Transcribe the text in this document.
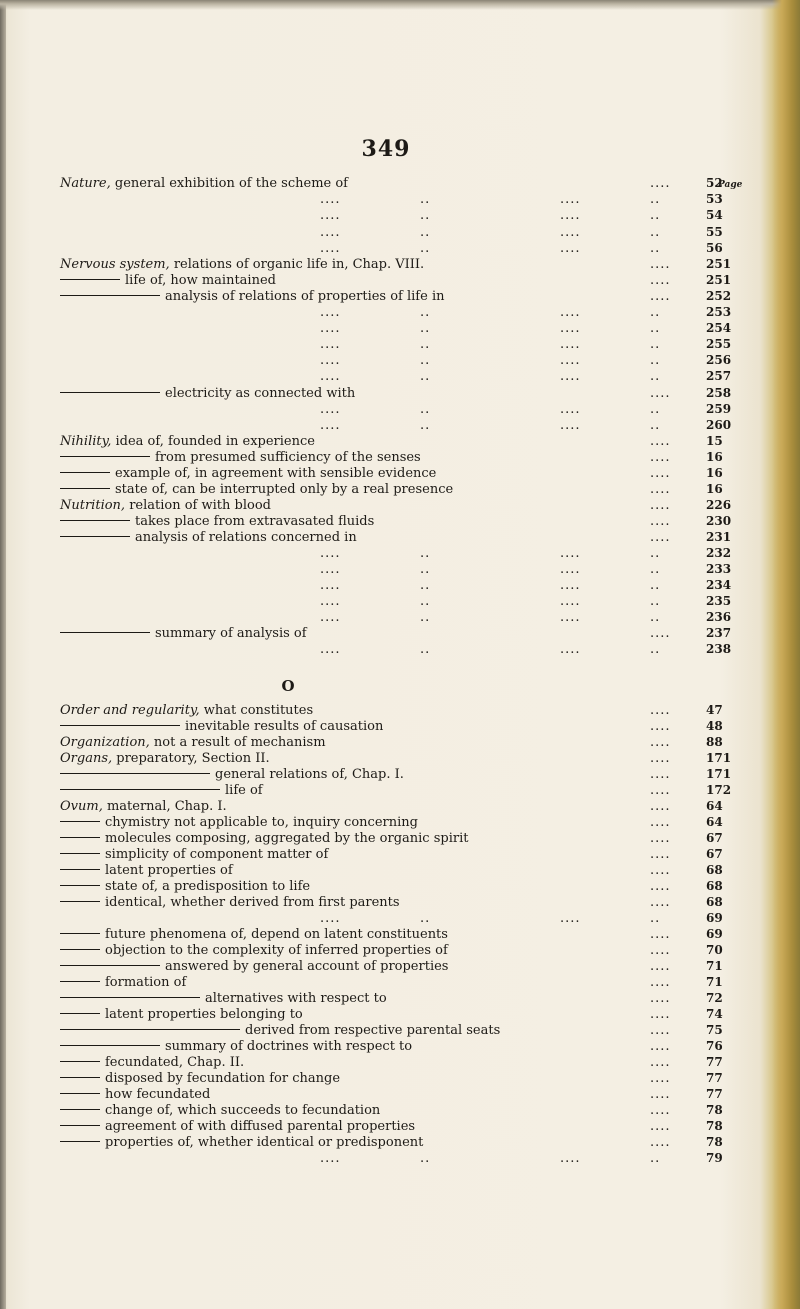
349
Page
O
Nature, general exhibition of the scheme of	....	52
....	..	....	..	53
....	..	....	..	54
....	..	....	..	55
....	..	....	..	56
Nervous system, relations of organic life in, Chap. VIII.	....	251
life of, how maintained	....	251
analysis of relations of properties of life in	....	252
....	..	....	..	253
....	..	....	..	254
....	..	....	..	255
....	..	....	..	256
....	..	....	..	257
electricity as connected with	....	258
....	..	....	..	259
....	..	....	..	260
Nihility, idea of, founded in experience	....	15
from presumed sufficiency of the senses	....	16
example of, in agreement with sensible evidence	....	16
state of, can be interrupted only by a real presence	....	16
Nutrition, relation of with blood	....	226
takes place from extravasated fluids	....	230
analysis of relations concerned in	....	231
....	..	....	..	232
....	..	....	..	233
....	..	....	..	234
....	..	....	..	235
....	..	....	..	236
summary of analysis of	....	237
....	..	....	..	238
Order and regularity, what constitutes	....	47
inevitable results of causation	....	48
Organization, not a result of mechanism	....	88
Organs, preparatory, Section II.	....	171
general relations of, Chap. I.	....	171
life of	....	172
Ovum, maternal, Chap. I.	....	64
chymistry not applicable to, inquiry concerning	....	64
molecules composing, aggregated by the organic spirit	....	67
simplicity of component matter of	....	67
latent properties of	....	68
state of, a predisposition to life	....	68
identical, whether derived from first parents	....	68
....	..	....	..	69
future phenomena of, depend on latent constituents	....	69
objection to the complexity of inferred properties of	....	70
answered by general account of properties	....	71
formation of	....	71
alternatives with respect to	....	72
latent properties belonging to	....	74
derived from respective parental seats	....	75
summary of doctrines with respect to	....	76
fecundated, Chap. II.	....	77
disposed by fecundation for change	....	77
how fecundated	....	77
change of, which succeeds to fecundation	....	78
agreement of with diffused parental properties	....	78
properties of, whether identical or predisponent	....	78
....	..	....	..	79
